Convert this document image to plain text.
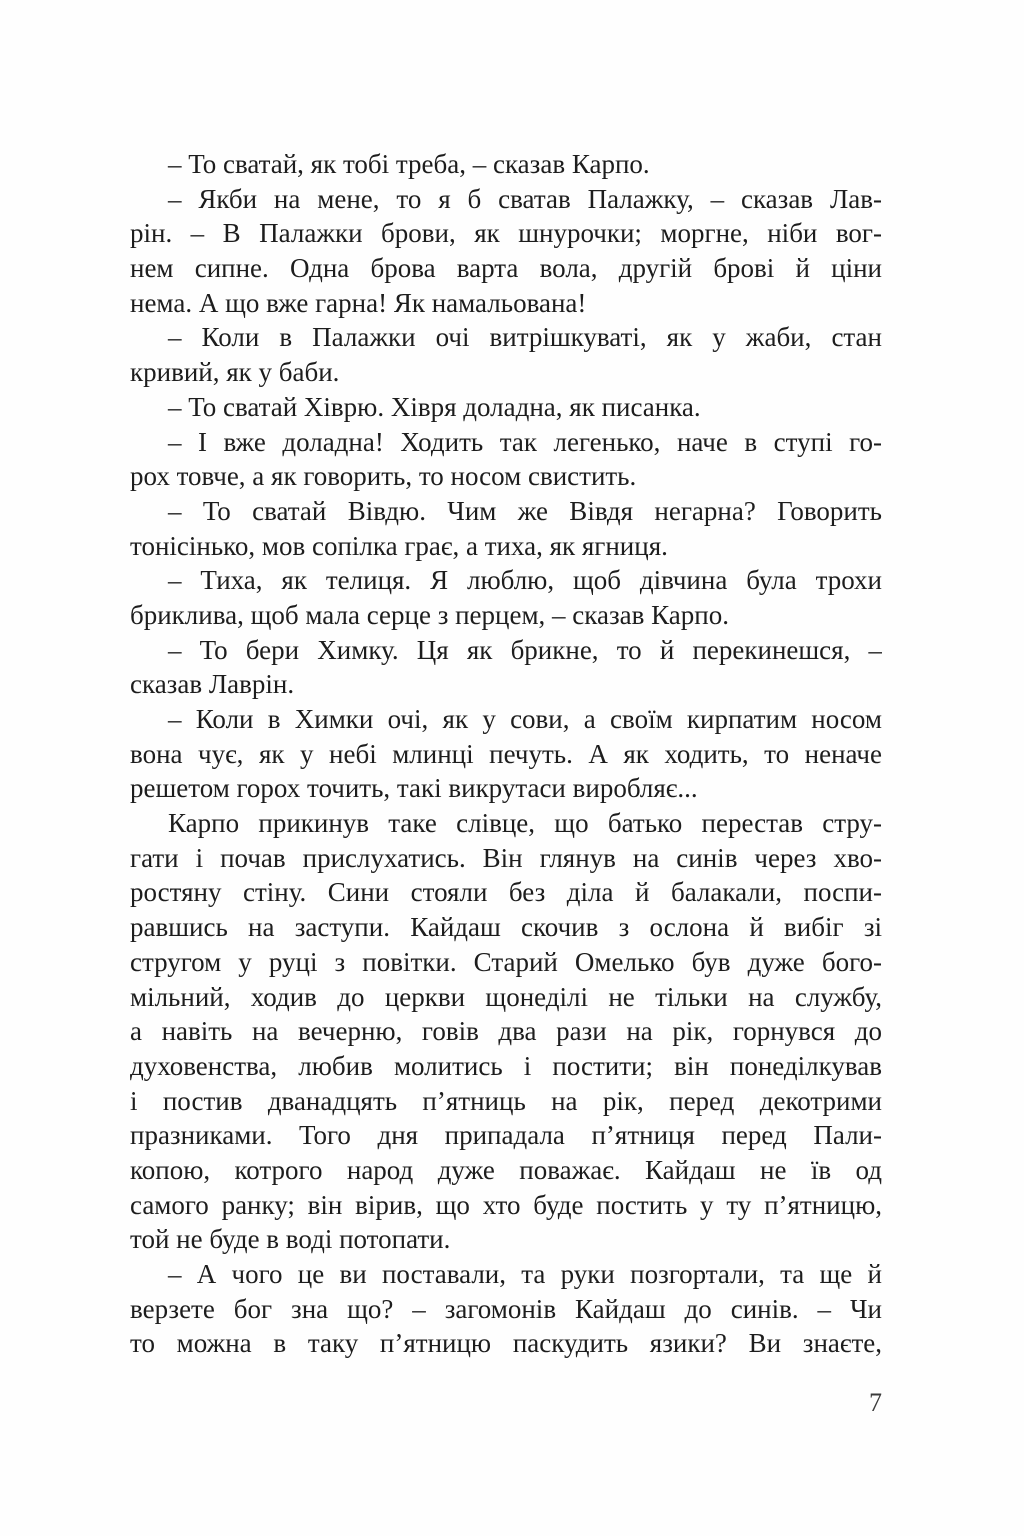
– То сватай, як тобі треба, – сказав Карпо.
– Якби на мене, то я б сватав Палажку, – сказав Лав-
рін. – В Палажки брови, як шнурочки; моргне, ніби вог-
нем сипне. Одна брова варта вола, другій брові й ціни
нема. А що вже гарна! Як намальована!
– Коли в Палажки очі витрішкуваті, як у жаби, стан
кривий, як у баби.
– То сватай Хіврю. Хівря доладна, як писанка.
– І вже доладна! Ходить так легенько, наче в ступі го-
рох товче, а як говорить, то носом свистить.
– То сватай Вівдю. Чим же Вівдя негарна? Говорить
тонісінько, мов сопілка грає, а тиха, як ягниця.
– Тиха, як телиця. Я люблю, щоб дівчина була трохи
бриклива, щоб мала серце з перцем, – сказав Карпо.
– То бери Химку. Ця як брикне, то й перекинешся, –
сказав Лаврін.
– Коли в Химки очі, як у сови, а своїм кирпатим носом
вона чує, як у небі млинці печуть. А як ходить, то неначе
решетом горох точить, такі викрутаси виробляє...
Карпо прикинув таке слівце, що батько перестав стру-
гати і почав прислухатись. Він глянув на синів через хво-
ростяну стіну. Сини стояли без діла й балакали, поспи-
равшись на заступи. Кайдаш скочив з ослона й вибіг зі
стругом у руці з повітки. Старий Омелько був дуже бого-
мільний, ходив до церкви щонеділі не тільки на службу,
а навіть на вечерню, говів два рази на рік, горнувся до
духовенства, любив молитись і постити; він понеділкував
і постив дванадцять п’ятниць на рік, перед декотрими
празниками. Того дня припадала п’ятниця перед Пали-
копою, котрого народ дуже поважає. Кайдаш не їв од
самого ранку; він вірив, що хто буде постить у ту п’ятницю,
той не буде в воді потопати.
– А чого це ви поставали, та руки позгортали, та ще й
верзете бог зна що? – загомонів Кайдаш до синів. – Чи
то можна в таку п’ятницю паскудить язики? Ви знаєте,
7
